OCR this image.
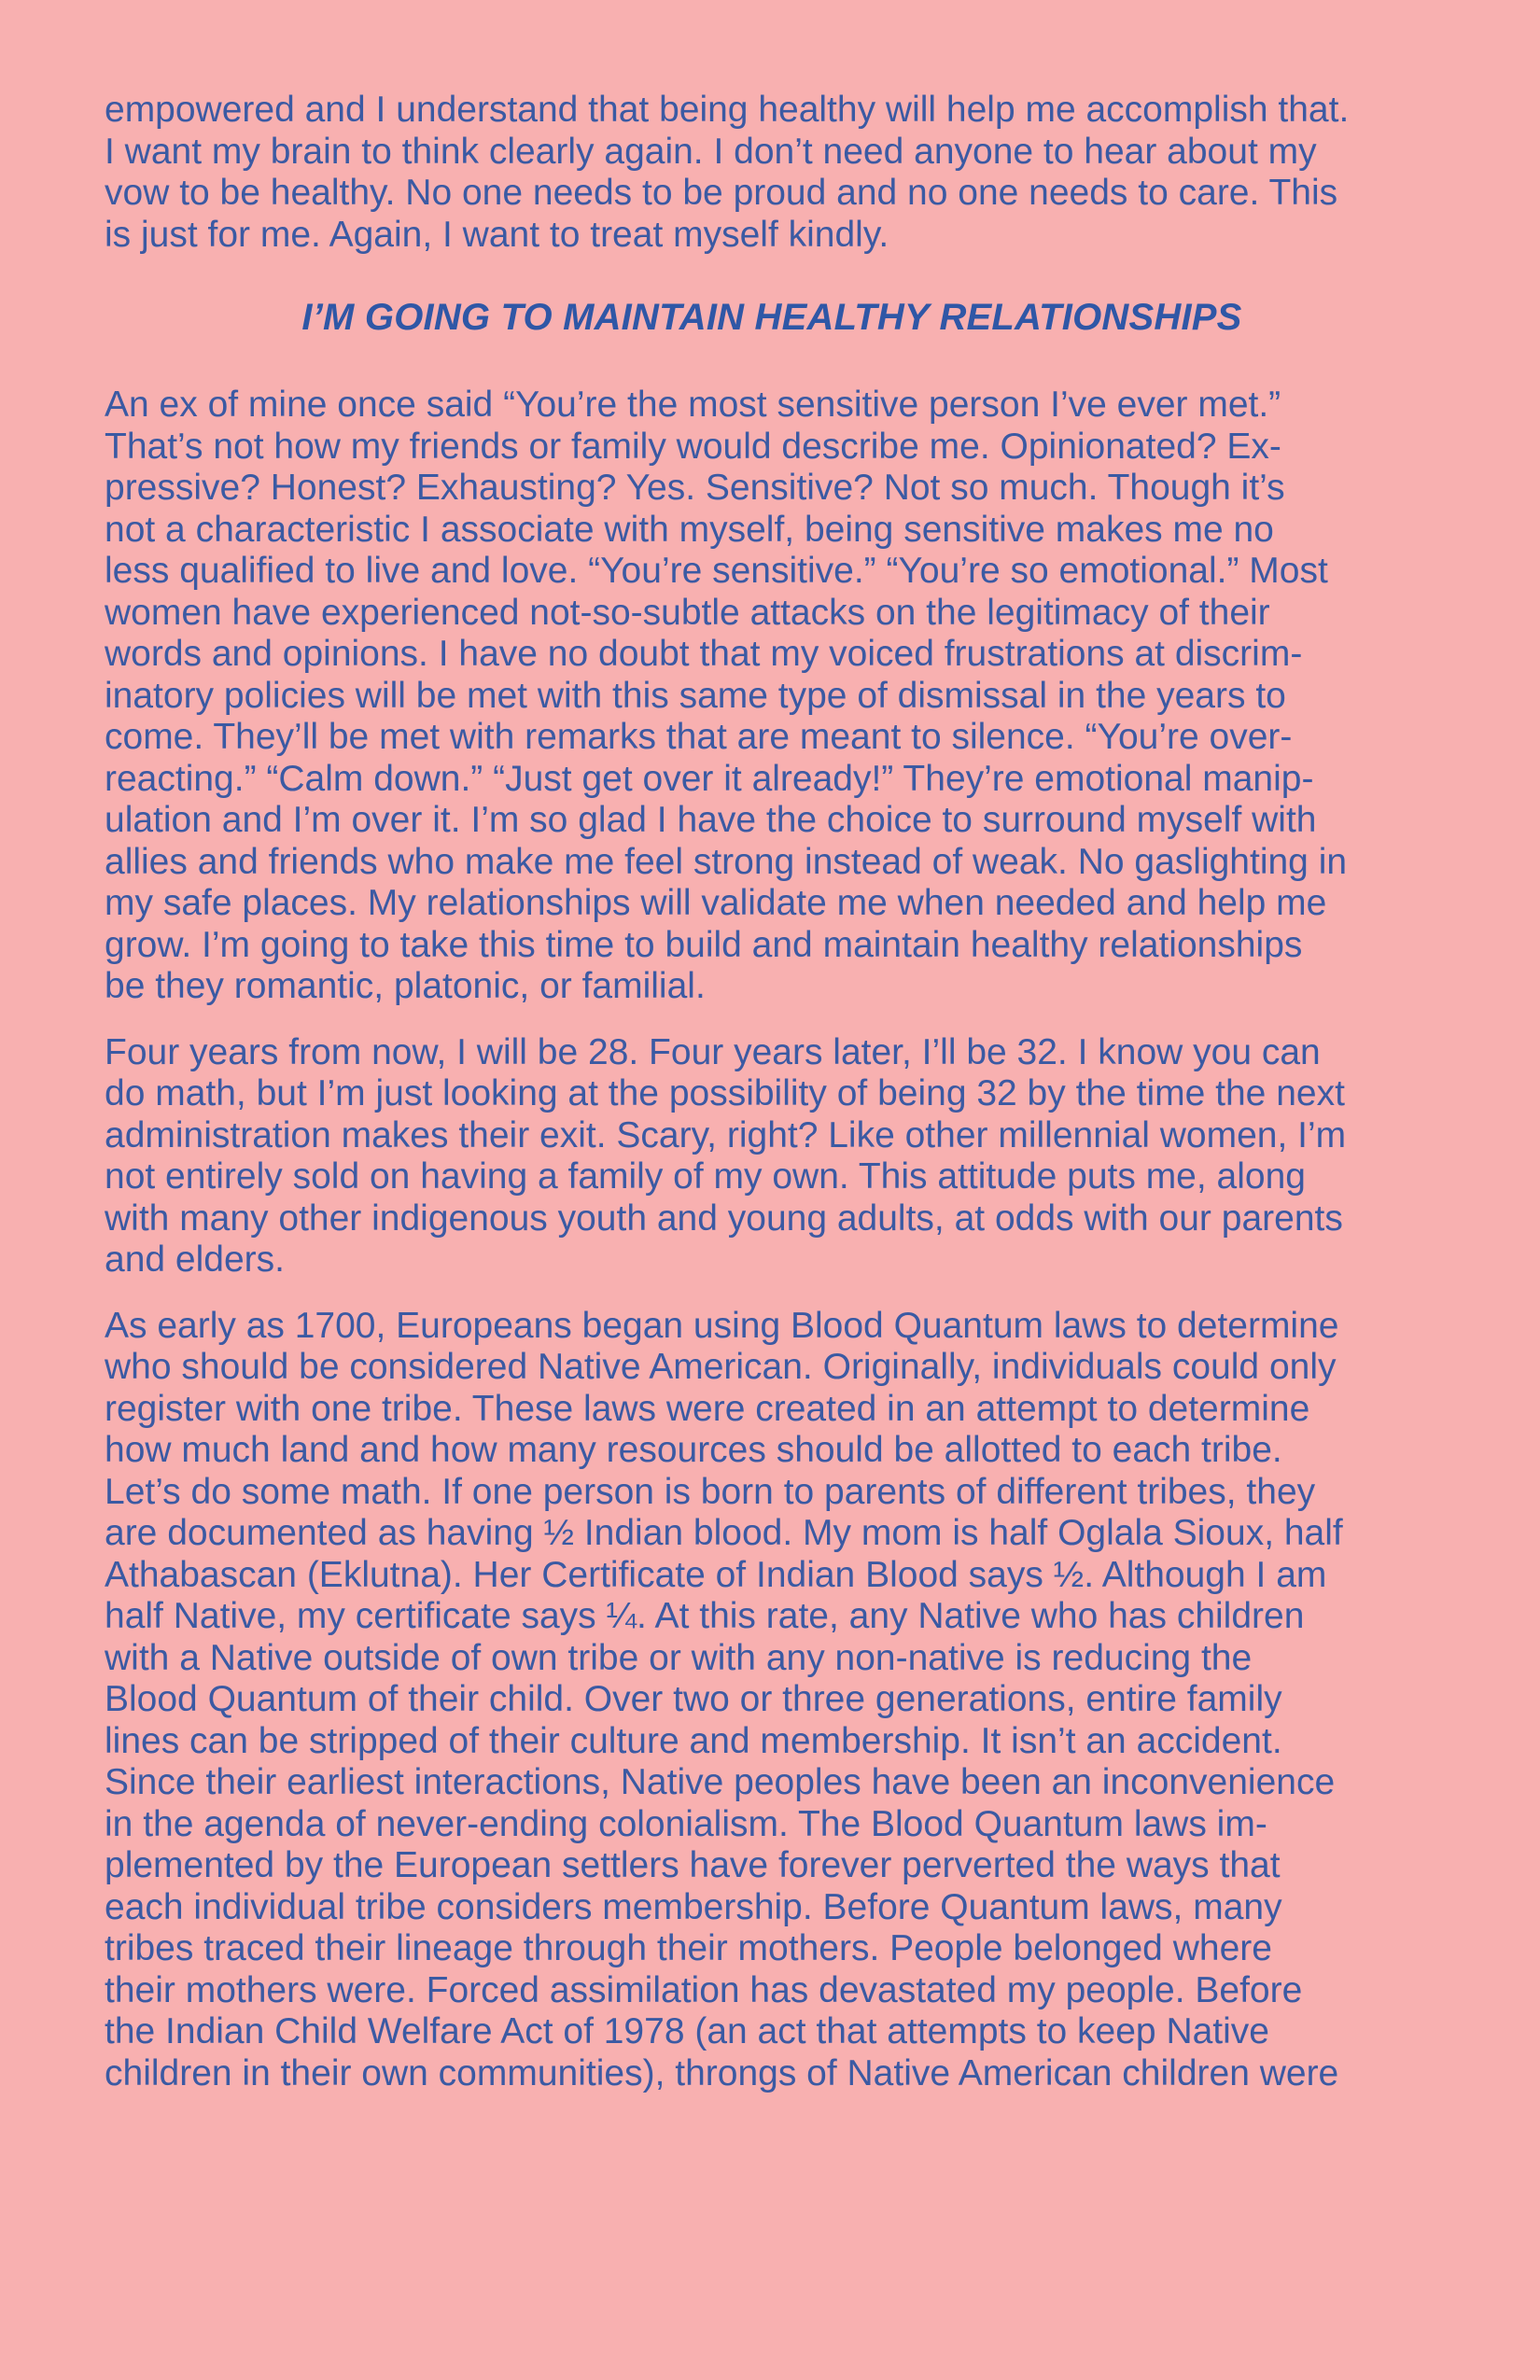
empowered and I understand that being healthy will help me accomplish that.
I want my brain to think clearly again. I don’t need anyone to hear about my
vow to be healthy. No one needs to be proud and no one needs to care. This
is just for me. Again, I want to treat myself kindly.
I’M GOING TO MAINTAIN HEALTHY RELATIONSHIPS
An ex of mine once said “You’re the most sensitive person I’ve ever met.”
That’s not how my friends or family would describe me. Opinionated? Ex-
pressive? Honest? Exhausting? Yes. Sensitive? Not so much. Though it’s
not a characteristic I associate with myself, being sensitive makes me no
less qualified to live and love. “You’re sensitive.” “You’re so emotional.” Most
women have experienced not-so-subtle attacks on the legitimacy of their
words and opinions. I have no doubt that my voiced frustrations at discrim-
inatory policies will be met with this same type of dismissal in the years to
come. They’ll be met with remarks that are meant to silence. “You’re over-
reacting.” “Calm down.” “Just get over it already!” They’re emotional manip-
ulation and I’m over it. I’m so glad I have the choice to surround myself with
allies and friends who make me feel strong instead of weak. No gaslighting in
my safe places. My relationships will validate me when needed and help me
grow. I’m going to take this time to build and maintain healthy relationships
be they romantic, platonic, or familial.
Four years from now, I will be 28. Four years later, I’ll be 32. I know you can
do math, but I’m just looking at the possibility of being 32 by the time the next
administration makes their exit. Scary, right? Like other millennial women, I’m
not entirely sold on having a family of my own. This attitude puts me, along
with many other indigenous youth and young adults, at odds with our parents
and elders.
As early as 1700, Europeans began using Blood Quantum laws to determine
who should be considered Native American. Originally, individuals could only
register with one tribe. These laws were created in an attempt to determine
how much land and how many resources should be allotted to each tribe.
Let’s do some math. If one person is born to parents of different tribes, they
are documented as having ½ Indian blood. My mom is half Oglala Sioux, half
Athabascan (Eklutna). Her Certificate of Indian Blood says ½. Although I am
half Native, my certificate says ¼. At this rate, any Native who has children
with a Native outside of own tribe or with any non-native is reducing the
Blood Quantum of their child. Over two or three generations, entire family
lines can be stripped of their culture and membership. It isn’t an accident.
Since their earliest interactions, Native peoples have been an inconvenience
in the agenda of never-ending colonialism. The Blood Quantum laws im-
plemented by the European settlers have forever perverted the ways that
each individual tribe considers membership. Before Quantum laws, many
tribes traced their lineage through their mothers. People belonged where
their mothers were. Forced assimilation has devastated my people. Before
the Indian Child Welfare Act of 1978 (an act that attempts to keep Native
children in their own communities), throngs of Native American children were
